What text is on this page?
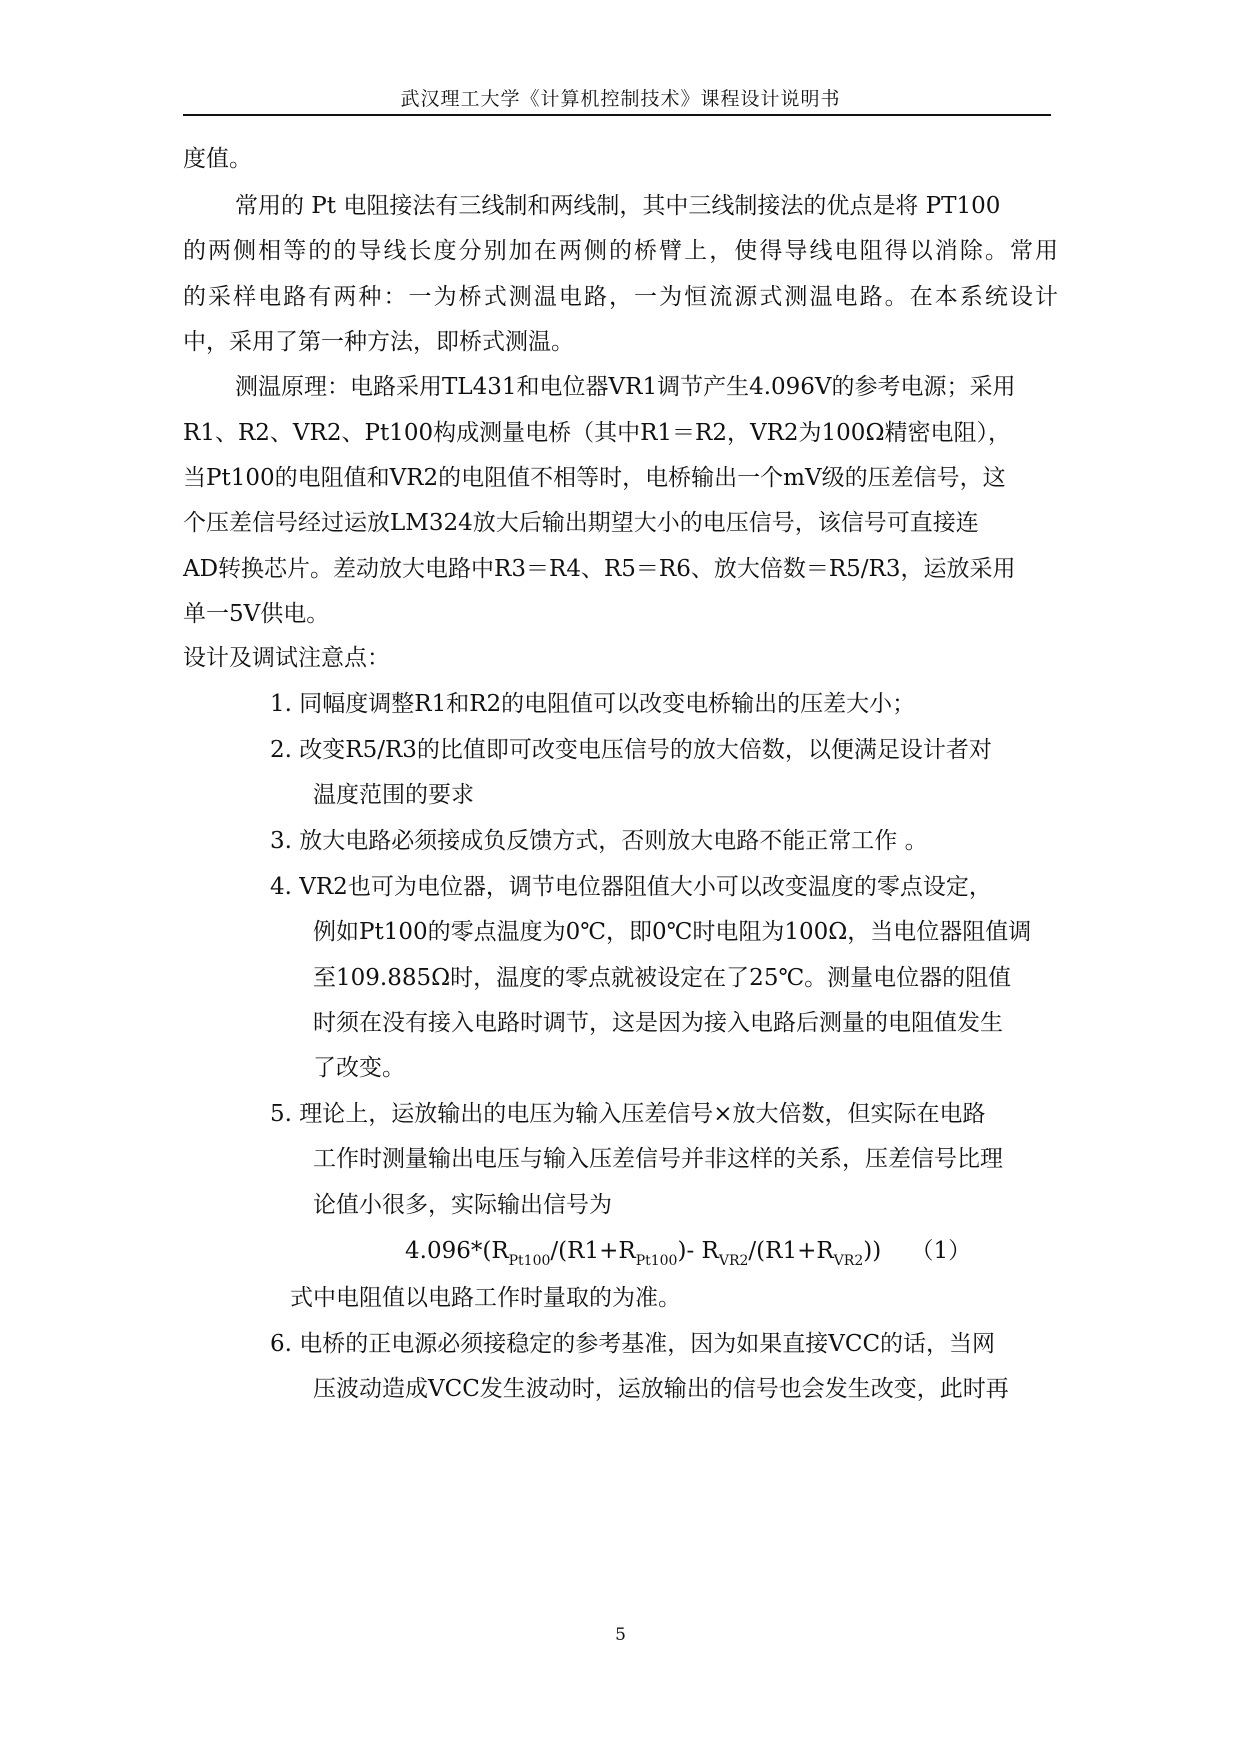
武汉理工大学《计算机控制技术》课程设计说明书
度值。
常用的 Pt 电阻接法有三线制和两线制，其中三线制接法的优点是将 PT100
的两侧相等的的导线长度分别加在两侧的桥臂上，使得导线电阻得以消除。常用
的采样电路有两种：一为桥式测温电路，一为恒流源式测温电路。在本系统设计
中，采用了第一种方法，即桥式测温。
测温原理：电路采用TL431和电位器VR1调节产生4.096V的参考电源；采用
R1、R2、VR2、Pt100构成测量电桥（其中R1＝R2，VR2为100Ω精密电阻），
当Pt100的电阻值和VR2的电阻值不相等时，电桥输出一个mV级的压差信号，这
个压差信号经过运放LM324放大后输出期望大小的电压信号，该信号可直接连
AD转换芯片。差动放大电路中R3＝R4、R5＝R6、放大倍数＝R5/R3，运放采用
单一5V供电。
设计及调试注意点：
1. 同幅度调整R1和R2的电阻值可以改变电桥输出的压差大小；
2. 改变R5/R3的比值即可改变电压信号的放大倍数，以便满足设计者对
温度范围的要求
3. 放大电路必须接成负反馈方式，否则放大电路不能正常工作 。
4. VR2也可为电位器，调节电位器阻值大小可以改变温度的零点设定，
例如Pt100的零点温度为0℃，即0℃时电阻为100Ω，当电位器阻值调
至109.885Ω时，温度的零点就被设定在了25℃。测量电位器的阻值
时须在没有接入电路时调节，这是因为接入电路后测量的电阻值发生
了改变。
5. 理论上，运放输出的电压为输入压差信号×放大倍数，但实际在电路
工作时测量输出电压与输入压差信号并非这样的关系，压差信号比理
论值小很多，实际输出信号为
$4.096*(R_{Pt100}/(R1+R_{Pt100})-$ $R_{VR2}/(R1+R_{VR2})$) （1）
式中电阻值以电路工作时量取的为准。
6. 电桥的正电源必须接稳定的参考基准，因为如果直接VCC的话，当网
压波动造成VCC发生波动时，运放输出的信号也会发生改变，此时再
5
